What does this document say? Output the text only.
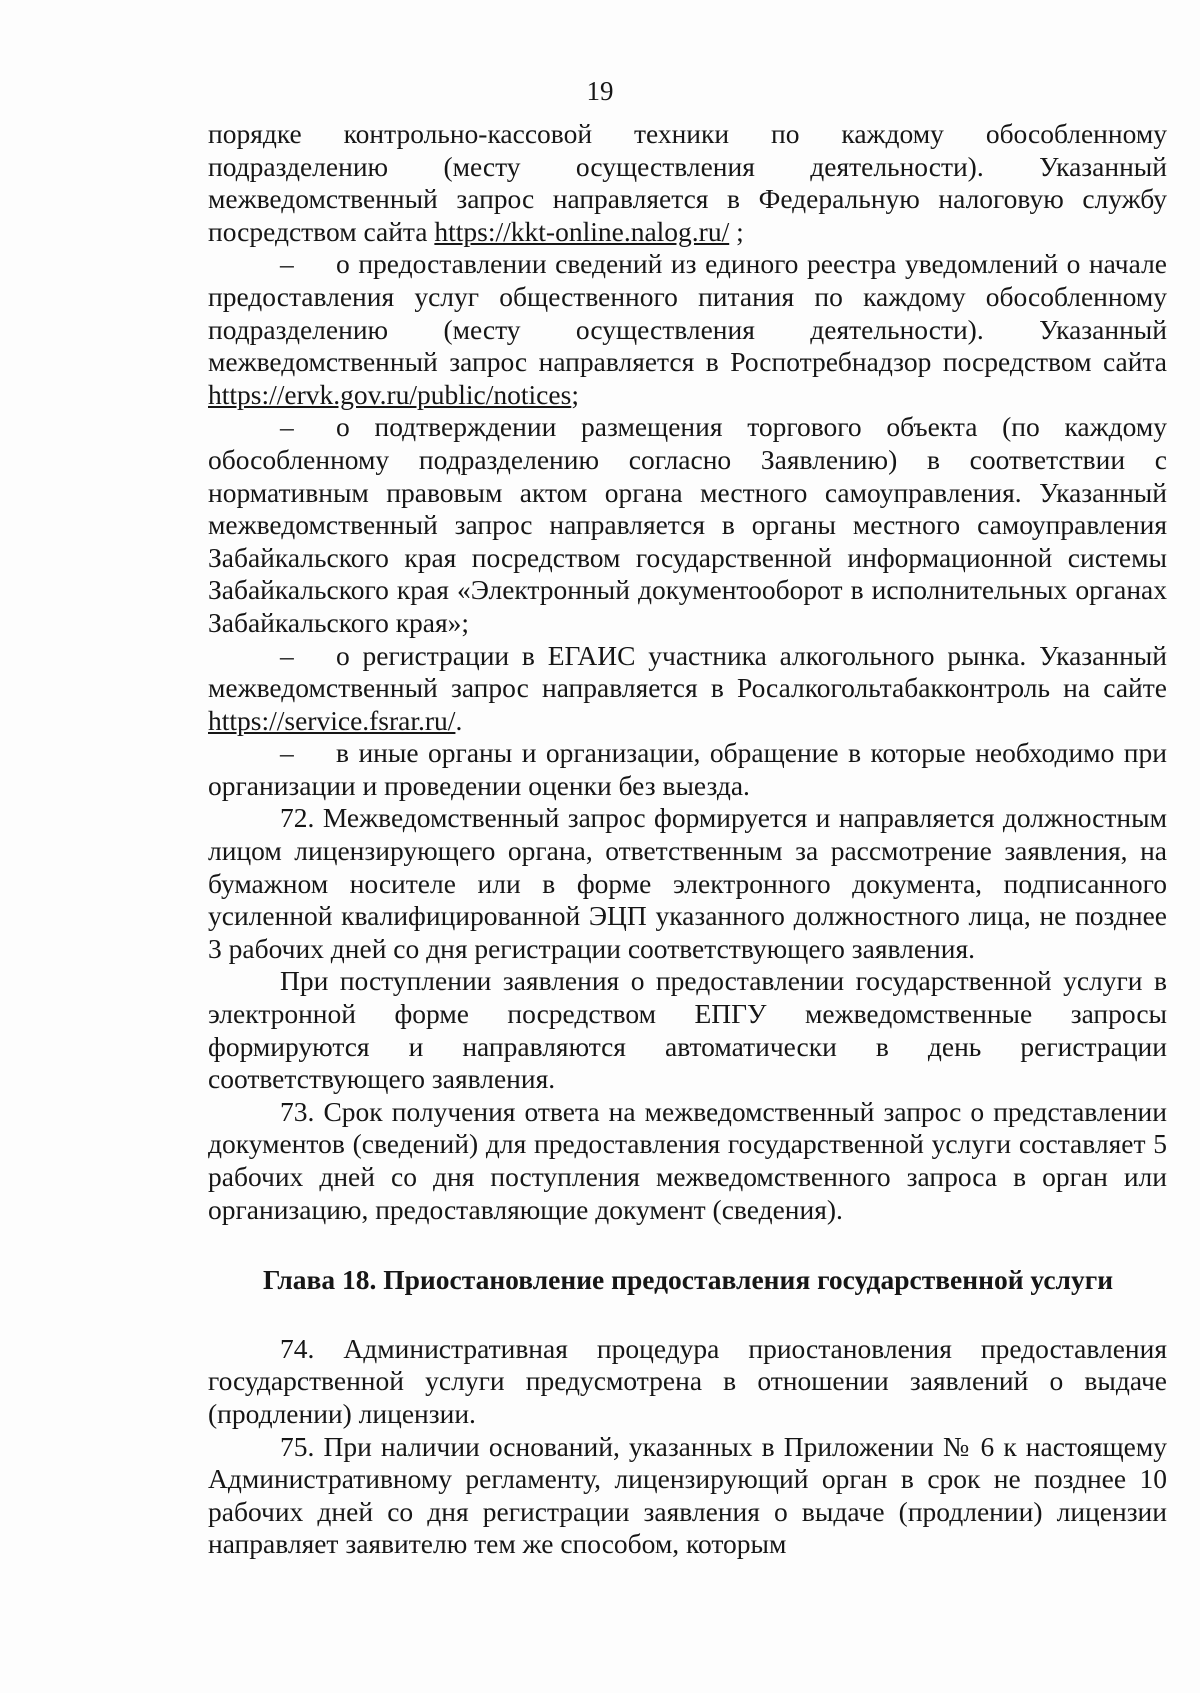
19

порядке контрольно-кассовой техники по каждому обособленному подразделению (месту осуществления деятельности). Указанный межведомственный запрос направляется в Федеральную налоговую службу посредством сайта https://kkt-online.nalog.ru/ ;

– о предоставлении сведений из единого реестра уведомлений о начале предоставления услуг общественного питания по каждому обособленному подразделению (месту осуществления деятельности). Указанный межведомственный запрос направляется в Роспотребнадзор посредством сайта https://ervk.gov.ru/public/notices;

– о подтверждении размещения торгового объекта (по каждому обособленному подразделению согласно Заявлению) в соответствии с нормативным правовым актом органа местного самоуправления. Указанный межведомственный запрос направляется в органы местного самоуправления Забайкальского края посредством государственной информационной системы Забайкальского края «Электронный документооборот в исполнительных органах Забайкальского края»;

– о регистрации в ЕГАИС участника алкогольного рынка. Указанный межведомственный запрос направляется в Росалкогольтабакконтроль на сайте https://service.fsrar.ru/.

– в иные органы и организации, обращение в которые необходимо при организации и проведении оценки без выезда.

72. Межведомственный запрос формируется и направляется должностным лицом лицензирующего органа, ответственным за рассмотрение заявления, на бумажном носителе или в форме электронного документа, подписанного усиленной квалифицированной ЭЦП указанного должностного лица, не позднее 3 рабочих дней со дня регистрации соответствующего заявления.

При поступлении заявления о предоставлении государственной услуги в электронной форме посредством ЕПГУ межведомственные запросы формируются и направляются автоматически в день регистрации соответствующего заявления.

73. Срок получения ответа на межведомственный запрос о представлении документов (сведений) для предоставления государственной услуги составляет 5 рабочих дней со дня поступления межведомственного запроса в орган или организацию, предоставляющие документ (сведения).

Глава 18. Приостановление предоставления государственной услуги

74. Административная процедура приостановления предоставления государственной услуги предусмотрена в отношении заявлений о выдаче (продлении) лицензии.

75. При наличии оснований, указанных в Приложении № 6 к настоящему Административному регламенту, лицензирующий орган в срок не позднее 10 рабочих дней со дня регистрации заявления о выдаче (продлении) лицензии направляет заявителю тем же способом, которым
